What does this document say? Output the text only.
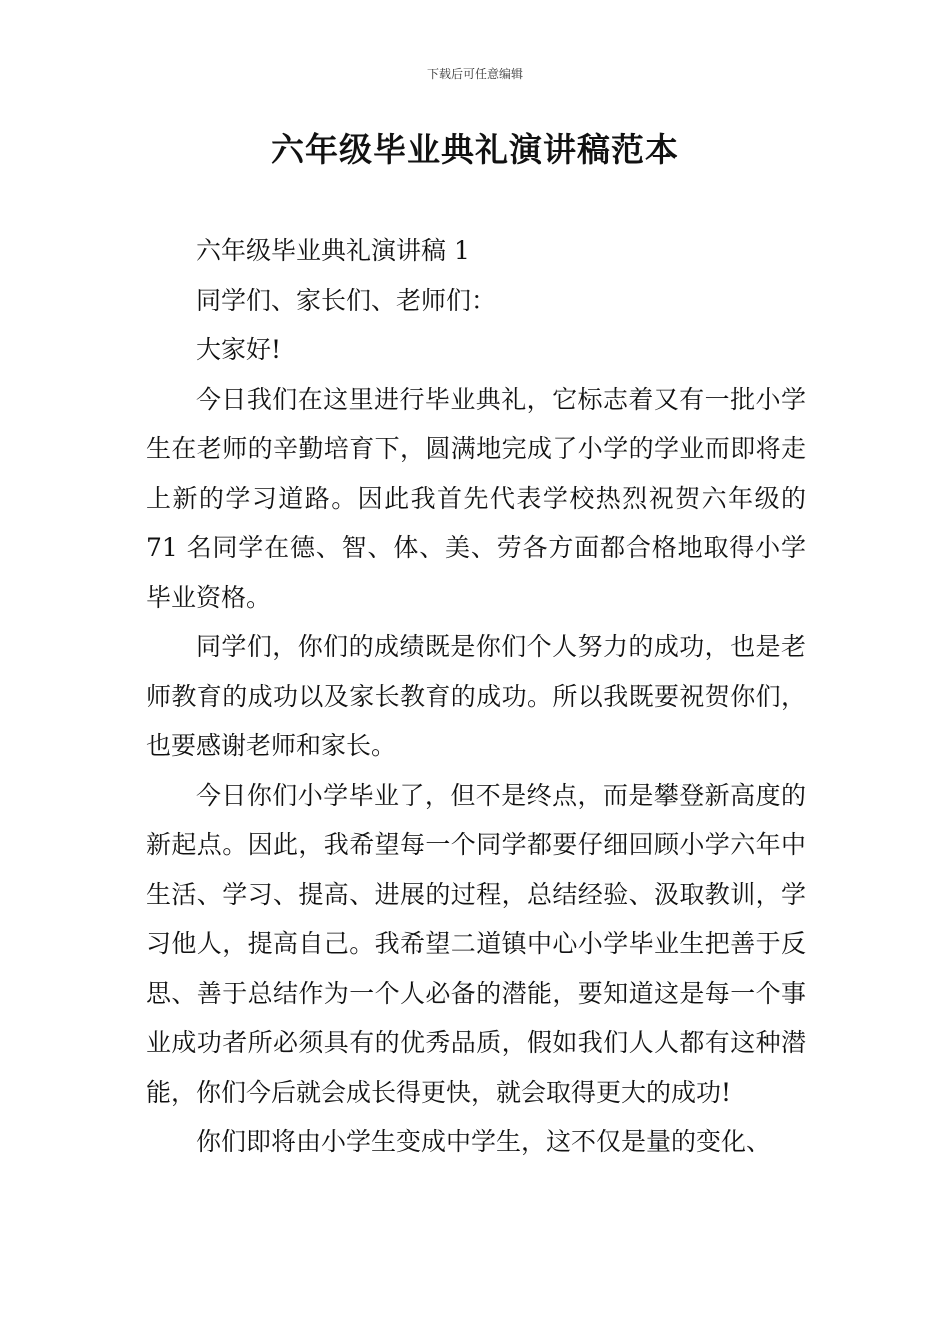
下载后可任意编辑
六年级毕业典礼演讲稿范本

六年级毕业典礼演讲稿 1

同学们、家长们、老师们：

大家好!

今日我们在这里进行毕业典礼，它标志着又有一批小学生在老师的辛勤培育下，圆满地完成了小学的学业而即将走上新的学习道路。因此我首先代表学校热烈祝贺六年级的 71 名同学在德、智、体、美、劳各方面都合格地取得小学毕业资格。

同学们，你们的成绩既是你们个人努力的成功，也是老师教育的成功以及家长教育的成功。所以我既要祝贺你们，也要感谢老师和家长。

今日你们小学毕业了，但不是终点，而是攀登新高度的新起点。因此，我希望每一个同学都要仔细回顾小学六年中生活、学习、提高、进展的过程，总结经验、汲取教训，学习他人，提高自己。我希望二道镇中心小学毕业生把善于反思、善于总结作为一个人必备的潜能，要知道这是每一个事业成功者所必须具有的优秀品质，假如我们人人都有这种潜能，你们今后就会成长得更快，就会取得更大的成功!

你们即将由小学生变成中学生，这不仅是量的变化、
